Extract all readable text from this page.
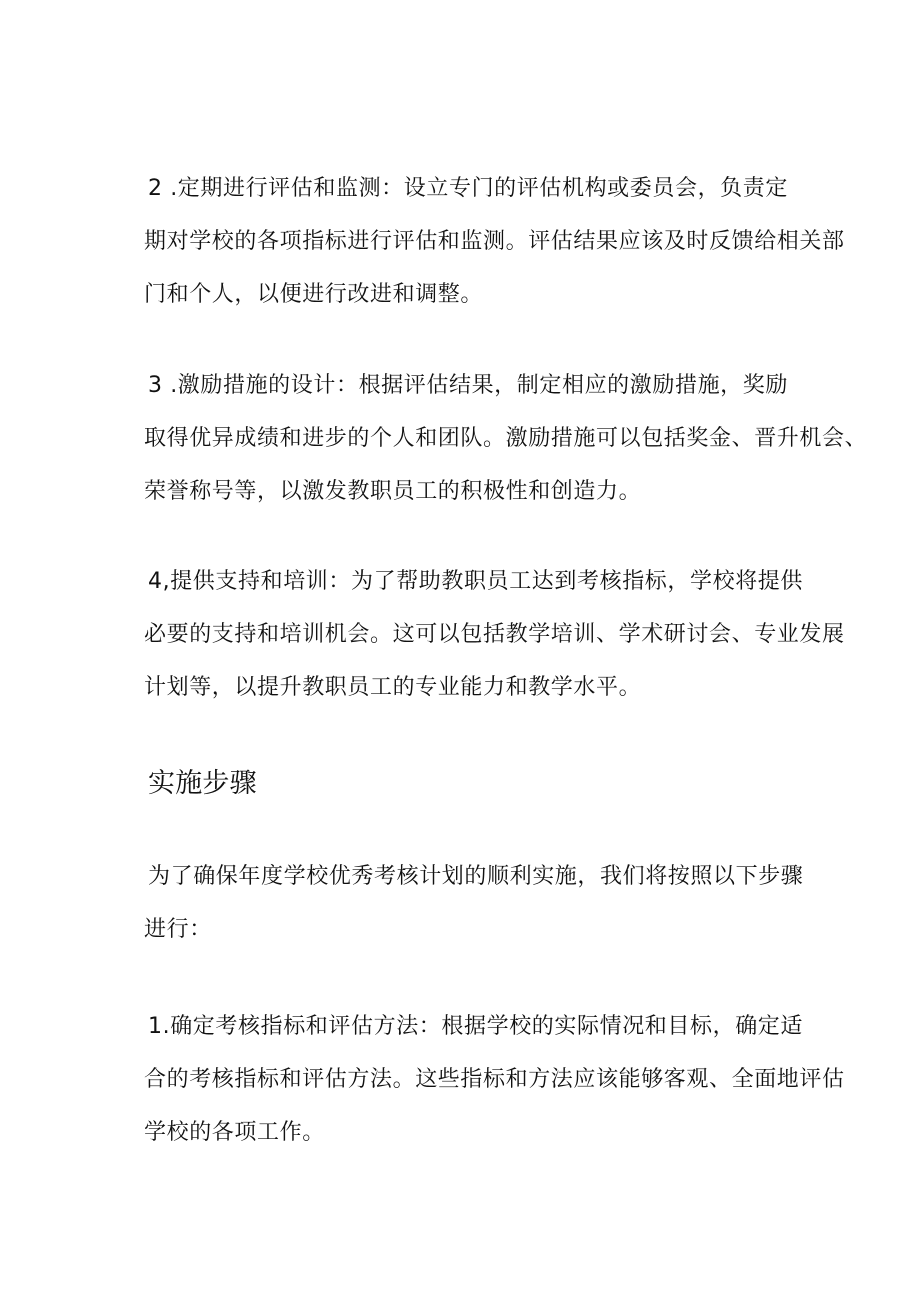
2 .定期进行评估和监测：设立专门的评估机构或委员会，负责定
期对学校的各项指标进行评估和监测。评估结果应该及时反馈给相关部
门和个人，以便进行改进和调整。
3 .激励措施的设计：根据评估结果，制定相应的激励措施，奖励
取得优异成绩和进步的个人和团队。激励措施可以包括奖金、晋升机会、
荣誉称号等，以激发教职员工的积极性和创造力。
4,提供支持和培训：为了帮助教职员工达到考核指标，学校将提供
必要的支持和培训机会。这可以包括教学培训、学术研讨会、专业发展
计划等，以提升教职员工的专业能力和教学水平。
实施步骤
为了确保年度学校优秀考核计划的顺利实施，我们将按照以下步骤
进行：
1.确定考核指标和评估方法：根据学校的实际情况和目标，确定适
合的考核指标和评估方法。这些指标和方法应该能够客观、全面地评估
学校的各项工作。
